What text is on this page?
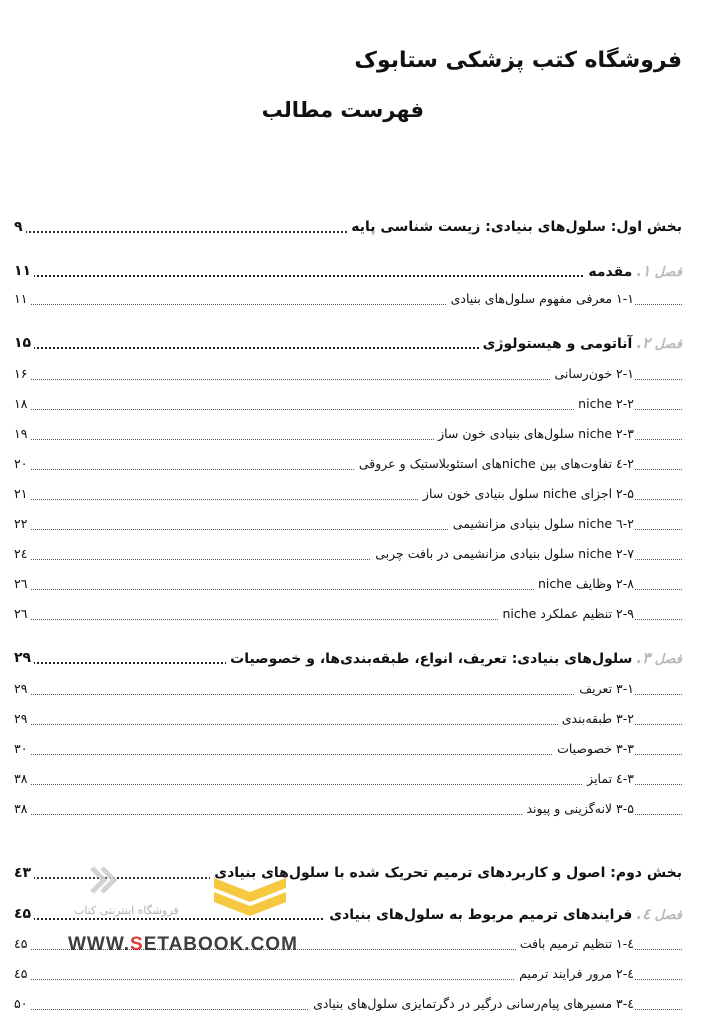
فروشگاه کتب پزشکی ستابوک
فهرست مطالب
بخش اول: سلول‌های بنیادی: زیست شناسی پایه
۹
فصل ۱.مقدمه
۱۱
۱-۱ معرفی مفهوم سلول‌های بنیادی
۱۱
فصل ۲.آناتومی و هیستولوژی
۱۵
۲-۱ خون‌رسانی
۱۶
۲-۲ niche
۱۸
۲-۳ niche سلول‌های بنیادی خون ساز
۱۹
۲-٤ تفاوت‌های بین nicheهای استئوبلاستیک و عروقی
۲۰
۲-۵ اجزای niche سلول بنیادی خون ساز
۲۱
۲-٦ niche سلول بنیادی مزانشیمی
۲۲
۲-۷ niche سلول بنیادی مزانشیمی در بافت چربی
۲٤
۲-۸ وظایف niche
۲٦
۲-۹ تنظیم عملکرد niche
۲٦
فصل ۳.سلول‌های بنیادی: تعریف، انواع، طبقه‌بندی‌ها، و خصوصیات
۲۹
۳-۱ تعریف
۲۹
۳-۲ طبقه‌بندی
۲۹
۳-۳ خصوصیات
۳۰
۳-٤ تمایز
۳۸
۳-۵ لانه‌گزینی و پیوند
۳۸
بخش دوم: اصول و کاربردهای ترمیم تحریک شده با سلول‌های بنیادی
٤۳
فصل ٤.فرایندهای ترمیم مربوط به سلول‌های بنیادی
٤۵
٤-۱ تنظیم ترمیم بافت
٤۵
٤-۲ مرور فرایند ترمیم
٤۵
٤-۳ مسیرهای پیام‌رسانی درگیر در دگرتمایزی سلول‌های بنیادی
۵۰
فروشگاه اینترنتی کتاب
WWW.SETABOOK.COM
